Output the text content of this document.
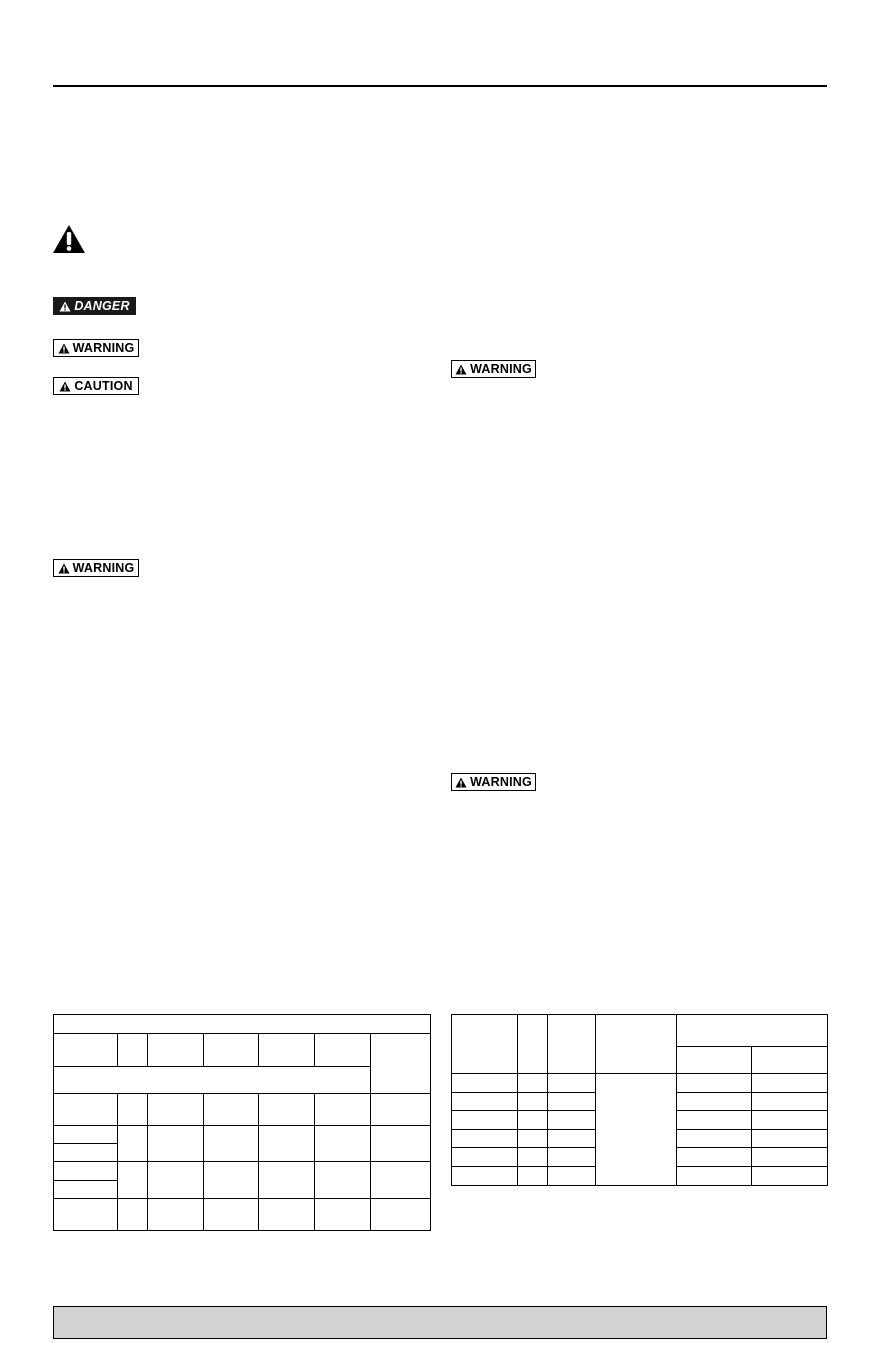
DANGER
WARNING
CAUTION
WARNING
WARNING
WARNING
